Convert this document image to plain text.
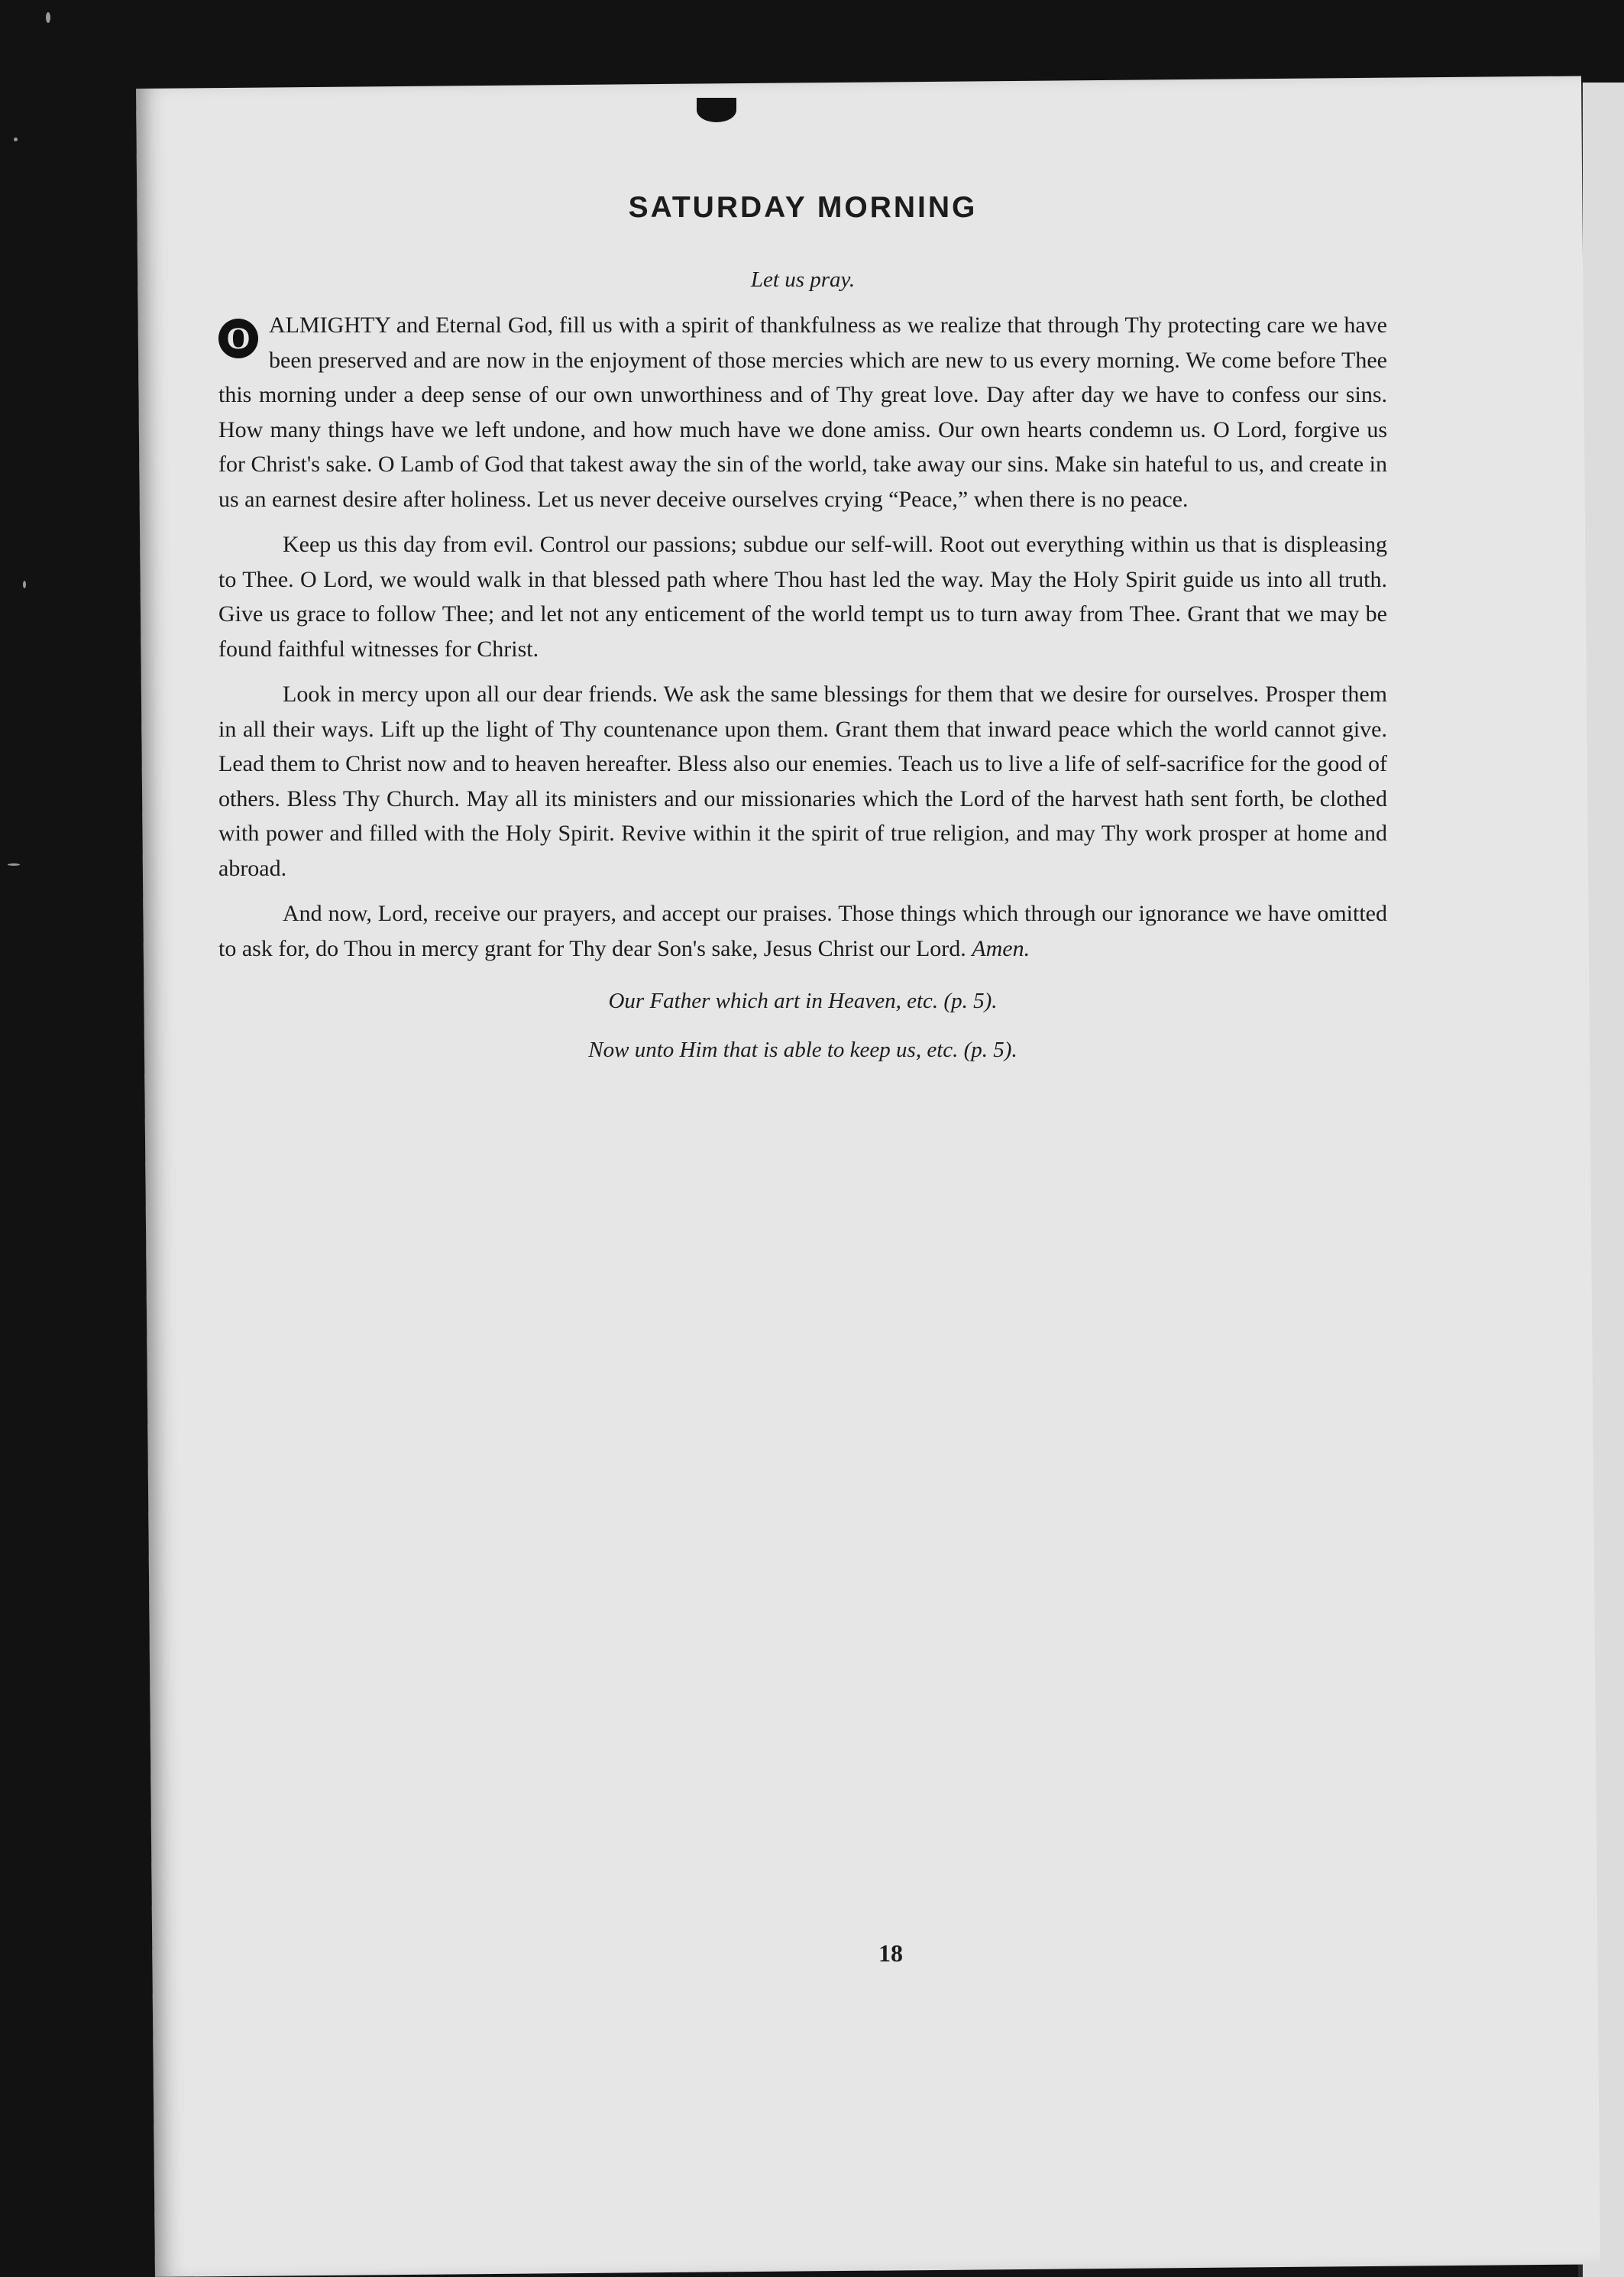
SATURDAY MORNING

Let us pray.

O ALMIGHTY and Eternal God, fill us with a spirit of thankfulness as we realize that through Thy protecting care we have been preserved and are now in the enjoyment of those mercies which are new to us every morning. We come before Thee this morning under a deep sense of our own unworthiness and of Thy great love. Day after day we have to confess our sins. How many things have we left undone, and how much have we done amiss. Our own hearts condemn us. O Lord, forgive us for Christ's sake. O Lamb of God that takest away the sin of the world, take away our sins. Make sin hateful to us, and create in us an earnest desire after holiness. Let us never deceive ourselves crying “Peace,” when there is no peace.

Keep us this day from evil. Control our passions; subdue our self-will. Root out everything within us that is displeasing to Thee. O Lord, we would walk in that blessed path where Thou hast led the way. May the Holy Spirit guide us into all truth. Give us grace to follow Thee; and let not any enticement of the world tempt us to turn away from Thee. Grant that we may be found faithful witnesses for Christ.

Look in mercy upon all our dear friends. We ask the same blessings for them that we desire for ourselves. Prosper them in all their ways. Lift up the light of Thy countenance upon them. Grant them that inward peace which the world cannot give. Lead them to Christ now and to heaven hereafter. Bless also our enemies. Teach us to live a life of self-sacrifice for the good of others. Bless Thy Church. May all its ministers and our missionaries which the Lord of the harvest hath sent forth, be clothed with power and filled with the Holy Spirit. Revive within it the spirit of true religion, and may Thy work prosper at home and abroad.

And now, Lord, receive our prayers, and accept our praises. Those things which through our ignorance we have omitted to ask for, do Thou in mercy grant for Thy dear Son's sake, Jesus Christ our Lord. Amen.

Our Father which art in Heaven, etc. (p. 5).
Now unto Him that is able to keep us, etc. (p. 5).
18
